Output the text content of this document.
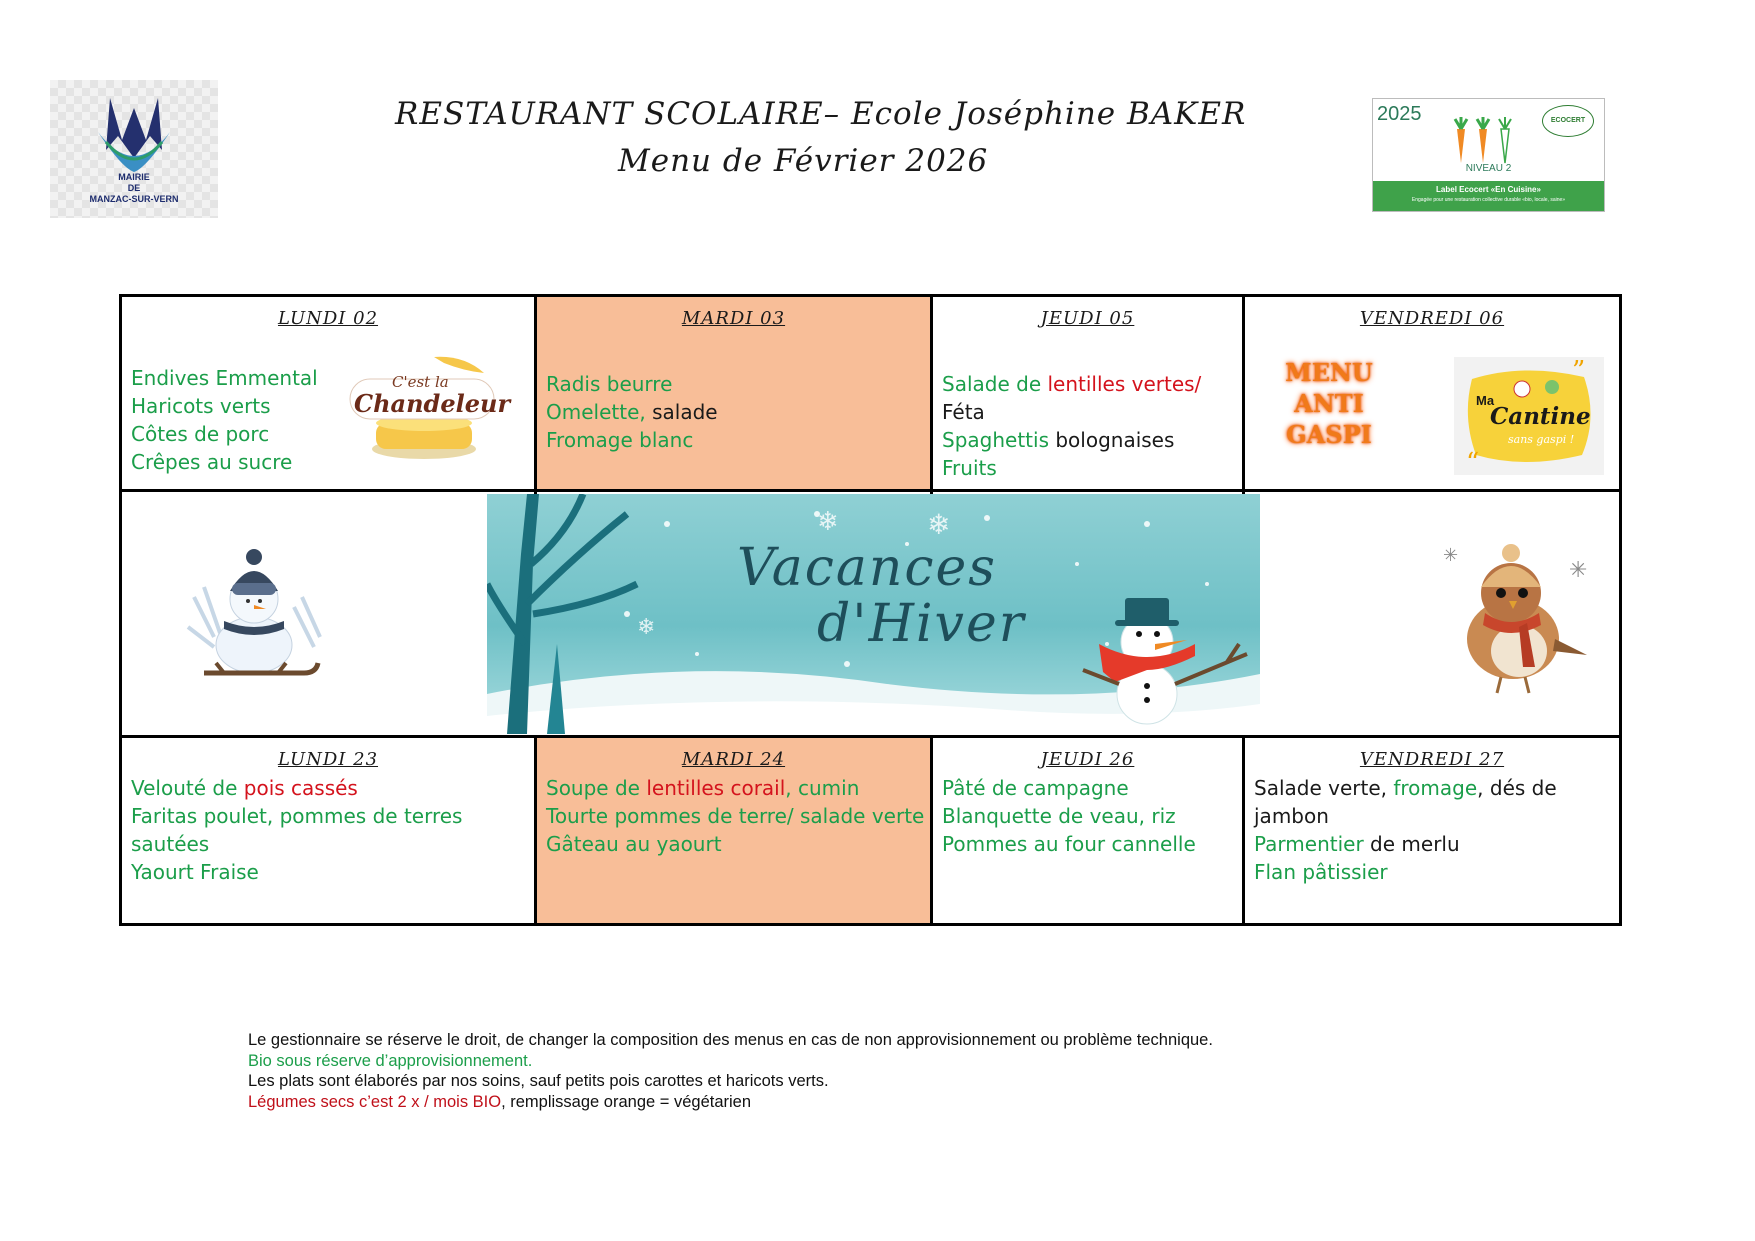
MAIRIE
DE
MANZAC-SUR-VERN
RESTAURANT SCOLAIRE– Ecole Joséphine BAKER
Menu de Février 2026
2025	ECOCERT
NIVEAU 2
Label Ecocert «En Cuisine»
Engagée pour une restauration collective durable «bio, locale, saine»
LUNDI 02
Endives Emmental
Haricots verts
Côtes de porc
Crêpes au sucre
C'est la
Chandeleur
MARDI 03
Radis beurre
Omelette, salade
Fromage blanc
JEUDI 05
Salade de lentilles vertes/ Féta
Spaghettis bolognaises
Fruits
VENDREDI 06
MENU
ANTI
GASPI
”
“
Ma
Cantine
sans gaspi !
✳
✳
LUNDI 23
Velouté de pois cassés
Faritas poulet, pommes de terres sautées
Yaourt Fraise
MARDI 24
Soupe de lentilles corail, cumin
Tourte pommes de terre/ salade verte
Gâteau au yaourt
JEUDI 26
Pâté de campagne
Blanquette de veau, riz
Pommes au four cannelle
VENDREDI 27
Salade verte, fromage, dés de jambon
Parmentier de merlu
Flan pâtissier
❄	❄
❄
Vacances
d'Hiver
Le gestionnaire se réserve le droit, de changer la composition des menus en cas de non approvisionnement ou problème technique.
Bio sous réserve d’approvisionnement.
Les plats sont élaborés par nos soins, sauf petits pois carottes et haricots verts.
Légumes secs c’est 2 x / mois BIO, remplissage orange = végétarien
